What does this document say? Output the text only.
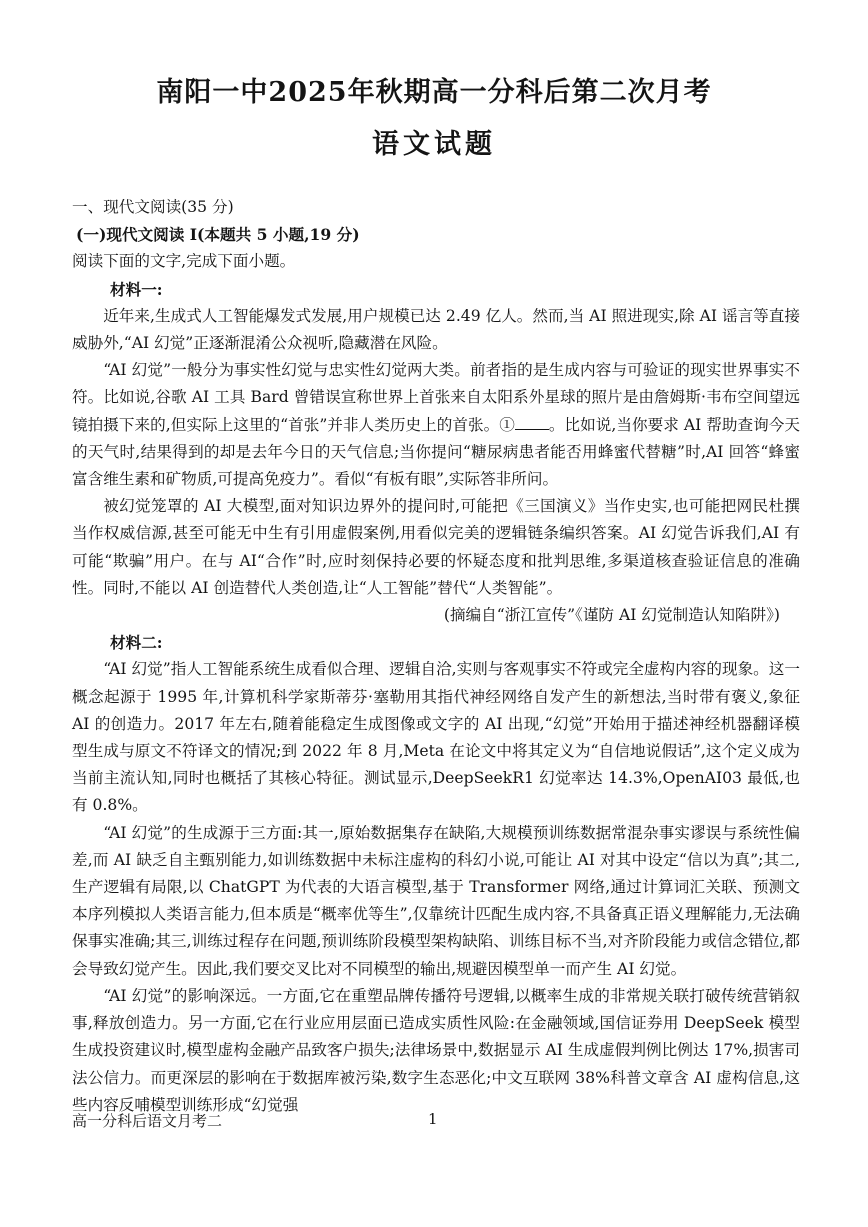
南阳一中2025年秋期高一分科后第二次月考
语文试题

一、现代文阅读(35 分)

(一)现代文阅读 I(本题共 5 小题,19 分)

阅读下面的文字,完成下面小题。

材料一:

近年来,生成式人工智能爆发式发展,用户规模已达 2.49 亿人。然而,当 AI 照进现实,除 AI 谣言等直接威胁外,“AI 幻觉”正逐渐混淆公众视听,隐藏潜在风险。

“AI 幻觉”一般分为事实性幻觉与忠实性幻觉两大类。前者指的是生成内容与可验证的现实世界事实不符。比如说,谷歌 AI 工具 Bard 曾错误宣称世界上首张来自太阳系外星球的照片是由詹姆斯·韦布空间望远镜拍摄下来的,但实际上这里的“首张”并非人类历史上的首张。① 。比如说,当你要求 AI 帮助查询今天的天气时,结果得到的却是去年今日的天气信息;当你提问“糖尿病患者能否用蜂蜜代替糖”时,AI 回答“蜂蜜富含维生素和矿物质,可提高免疫力”。看似“有板有眼”,实际答非所问。

被幻觉笼罩的 AI 大模型,面对知识边界外的提问时,可能把《三国演义》当作史实,也可能把网民杜撰当作权威信源,甚至可能无中生有引用虚假案例,用看似完美的逻辑链条编织答案。AI 幻觉告诉我们,AI 有可能“欺骗”用户。在与 AI“合作”时,应时刻保持必要的怀疑态度和批判思维,多渠道核查验证信息的准确性。同时,不能以 AI 创造替代人类创造,让“人工智能”替代“人类智能”。

(摘编自“浙江宣传”《谨防 AI 幻觉制造认知陷阱》)

材料二:

“AI 幻觉”指人工智能系统生成看似合理、逻辑自洽,实则与客观事实不符或完全虚构内容的现象。这一概念起源于 1995 年,计算机科学家斯蒂芬·塞勒用其指代神经网络自发产生的新想法,当时带有褒义,象征 AI 的创造力。2017 年左右,随着能稳定生成图像或文字的 AI 出现,“幻觉”开始用于描述神经机器翻译模型生成与原文不符译文的情况;到 2022 年 8 月,Meta 在论文中将其定义为“自信地说假话”,这个定义成为当前主流认知,同时也概括了其核心特征。测试显示,DeepSeekR1 幻觉率达 14.3%,OpenAI03 最低,也有 0.8%。

“AI 幻觉”的生成源于三方面:其一,原始数据集存在缺陷,大规模预训练数据常混杂事实谬误与系统性偏差,而 AI 缺乏自主甄别能力,如训练数据中未标注虚构的科幻小说,可能让 AI 对其中设定“信以为真”;其二,生产逻辑有局限,以 ChatGPT 为代表的大语言模型,基于 Transformer 网络,通过计算词汇关联、预测文本序列模拟人类语言能力,但本质是“概率优等生”,仅靠统计匹配生成内容,不具备真正语义理解能力,无法确保事实准确;其三,训练过程存在问题,预训练阶段模型架构缺陷、训练目标不当,对齐阶段能力或信念错位,都会导致幻觉产生。因此,我们要交叉比对不同模型的输出,规避因模型单一而产生 AI 幻觉。

“AI 幻觉”的影响深远。一方面,它在重塑品牌传播符号逻辑,以概率生成的非常规关联打破传统营销叙事,释放创造力。另一方面,它在行业应用层面已造成实质性风险:在金融领域,国信证券用 DeepSeek 模型生成投资建议时,模型虚构金融产品致客户损失;法律场景中,数据显示 AI 生成虚假判例比例达 17%,损害司法公信力。而更深层的影响在于数据库被污染,数字生态恶化;中文互联网 38%科普文章含 AI 虚构信息,这些内容反哺模型训练形成“幻觉强

高一分科后语文月考二	1
